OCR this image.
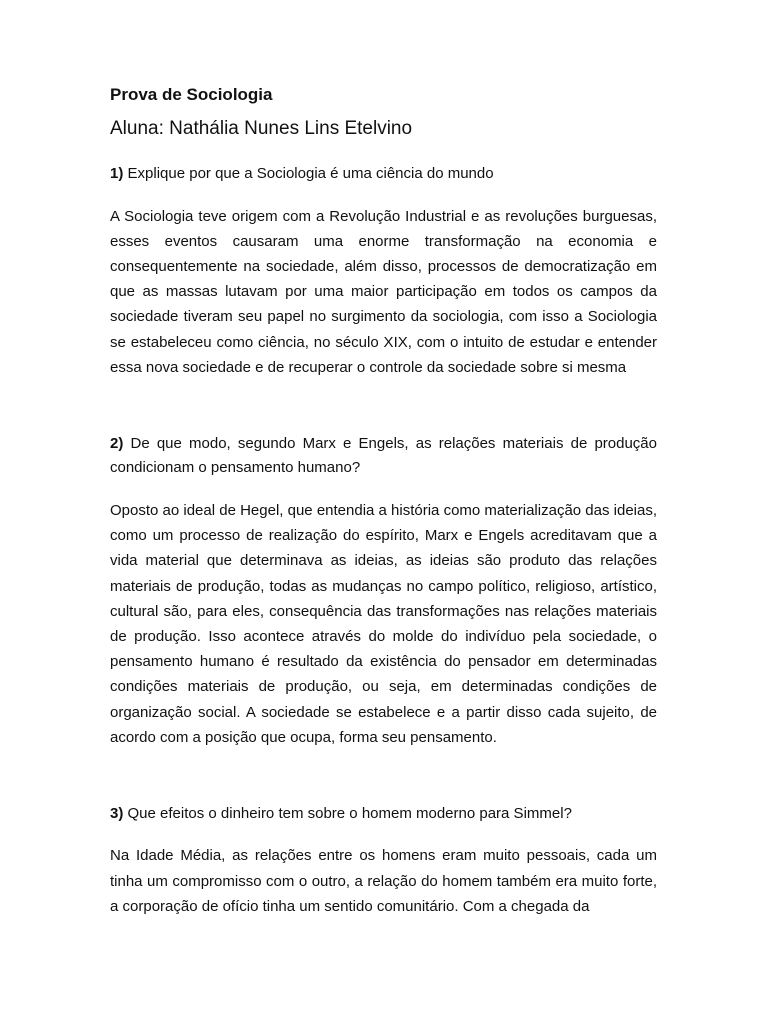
Prova de Sociologia
Aluna: Nathália Nunes Lins Etelvino
1) Explique por que a Sociologia é uma ciência do mundo

A Sociologia teve origem com a Revolução Industrial e as revoluções burguesas, esses eventos causaram uma enorme transformação na economia e consequentemente na sociedade, além disso, processos de democratização em que as massas lutavam por uma maior participação em todos os campos da sociedade tiveram seu papel no surgimento da sociologia, com isso a Sociologia se estabeleceu como ciência, no século XIX, com o intuito de estudar e entender essa nova sociedade e de recuperar o controle da sociedade sobre si mesma

2) De que modo, segundo Marx e Engels, as relações materiais de produção condicionam o pensamento humano?

Oposto ao ideal de Hegel, que entendia a história como materialização das ideias, como um processo de realização do espírito, Marx e Engels acreditavam que a vida material que determinava as ideias, as ideias são produto das relações materiais de produção, todas as mudanças no campo político, religioso, artístico, cultural são, para eles, consequência das transformações nas relações materiais de produção. Isso acontece através do molde do indivíduo pela sociedade, o pensamento humano é resultado da existência do pensador em determinadas condições materiais de produção, ou seja, em determinadas condições de organização social. A sociedade se estabelece e a partir disso cada sujeito, de acordo com a posição que ocupa, forma seu pensamento.

3) Que efeitos o dinheiro tem sobre o homem moderno para Simmel?

Na Idade Média, as relações entre os homens eram muito pessoais, cada um tinha um compromisso com o outro, a relação do homem também era muito forte, a corporação de ofício tinha um sentido comunitário. Com a chegada da
